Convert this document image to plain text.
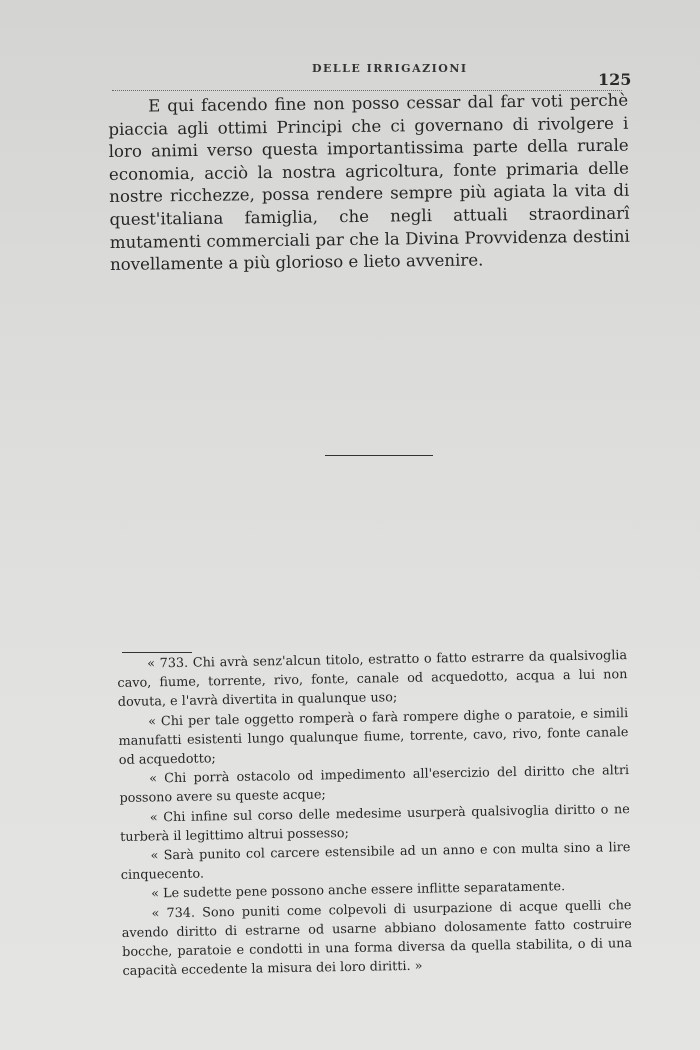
DELLE IRRIGAZIONI
125

E qui facendo fine non posso cessar dal far voti perchè piaccia agli ottimi Principi che ci governano di rivolgere i loro animi verso questa importantissima parte della rurale economia, acciò la nostra agricoltura, fonte primaria delle nostre ricchezze, possa rendere sempre più agiata la vita di quest'italiana famiglia, che negli attuali straordinarî mutamenti commerciali par che la Divina Provvidenza destini novellamente a più glorioso e lieto avvenire.

« 733. Chi avrà senz'alcun titolo, estratto o fatto estrarre da qualsivoglia cavo, fiume, torrente, rivo, fonte, canale od acquedotto, acqua a lui non dovuta, e l'avrà divertita in qualunque uso;

« Chi per tale oggetto romperà o farà rompere dighe o paratoie, e simili manufatti esistenti lungo qualunque fiume, torrente, cavo, rivo, fonte canale od acquedotto;

« Chi porrà ostacolo od impedimento all'esercizio del diritto che altri possono avere su queste acque;

« Chi infine sul corso delle medesime usurperà qualsivoglia diritto o ne turberà il legittimo altrui possesso;

« Sarà punito col carcere estensibile ad un anno e con multa sino a lire cinquecento.

« Le sudette pene possono anche essere inflitte separatamente.

« 734. Sono puniti come colpevoli di usurpazione di acque quelli che avendo diritto di estrarne od usarne abbiano dolosamente fatto costruire bocche, paratoie e condotti in una forma diversa da quella stabilita, o di una capacità eccedente la misura dei loro diritti. »
